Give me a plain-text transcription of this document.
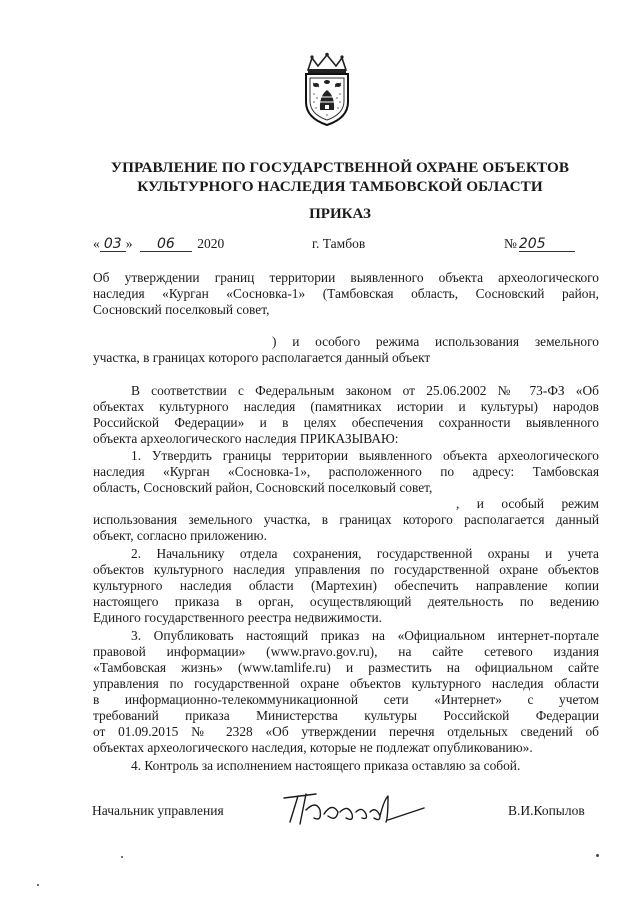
УПРАВЛЕНИЕ ПО ГОСУДАРСТВЕННОЙ ОХРАНЕ ОБЪЕКТОВ
КУЛЬТУРНОГО НАСЛЕДИЯ ТАМБОВСКОЙ ОБЛАСТИ
ПРИКАЗ
« 03 » 06 2020	г. Тамбов	№ 205
Об утверждении границ территории выявленного объекта археологического
наследия «Курган «Сосновка-1» (Тамбовская область, Сосновский район,
Сосновский поселковый совет,
) и особого режима использования земельного
участка, в границах которого располагается данный объект
В соответствии с Федеральным законом от 25.06.2002 № 73-ФЗ «Об
объектах культурного наследия (памятниках истории и культуры) народов
Российской Федерации» и в целях обеспечения сохранности выявленного
объекта археологического наследия ПРИКАЗЫВАЮ:
1. Утвердить границы территории выявленного объекта археологического
наследия «Курган «Сосновка-1», расположенного по адресу: Тамбовская
область, Сосновский район, Сосновский поселковый совет,
, и особый режим
использования земельного участка, в границах которого располагается данный
объект, согласно приложению.
2. Начальнику отдела сохранения, государственной охраны и учета
объектов культурного наследия управления по государственной охране объектов
культурного наследия области (Мартехин) обеспечить направление копии
настоящего приказа в орган, осуществляющий деятельность по ведению
Единого государственного реестра недвижимости.
3. Опубликовать настоящий приказ на «Официальном интернет-портале
правовой информации» (www.pravo.gov.ru), на сайте сетевого издания
«Тамбовская жизнь» (www.tamlife.ru) и разместить на официальном сайте
управления по государственной охране объектов культурного наследия области
в информационно-телекоммуникационной сети «Интернет» с учетом
требований приказа Министерства культуры Российской Федерации
от 01.09.2015 № 2328 «Об утверждении перечня отдельных сведений об
объектах археологического наследия, которые не подлежат опубликованию».
4. Контроль за исполнением настоящего приказа оставляю за собой.
Начальник управления	В.И.Копылов
